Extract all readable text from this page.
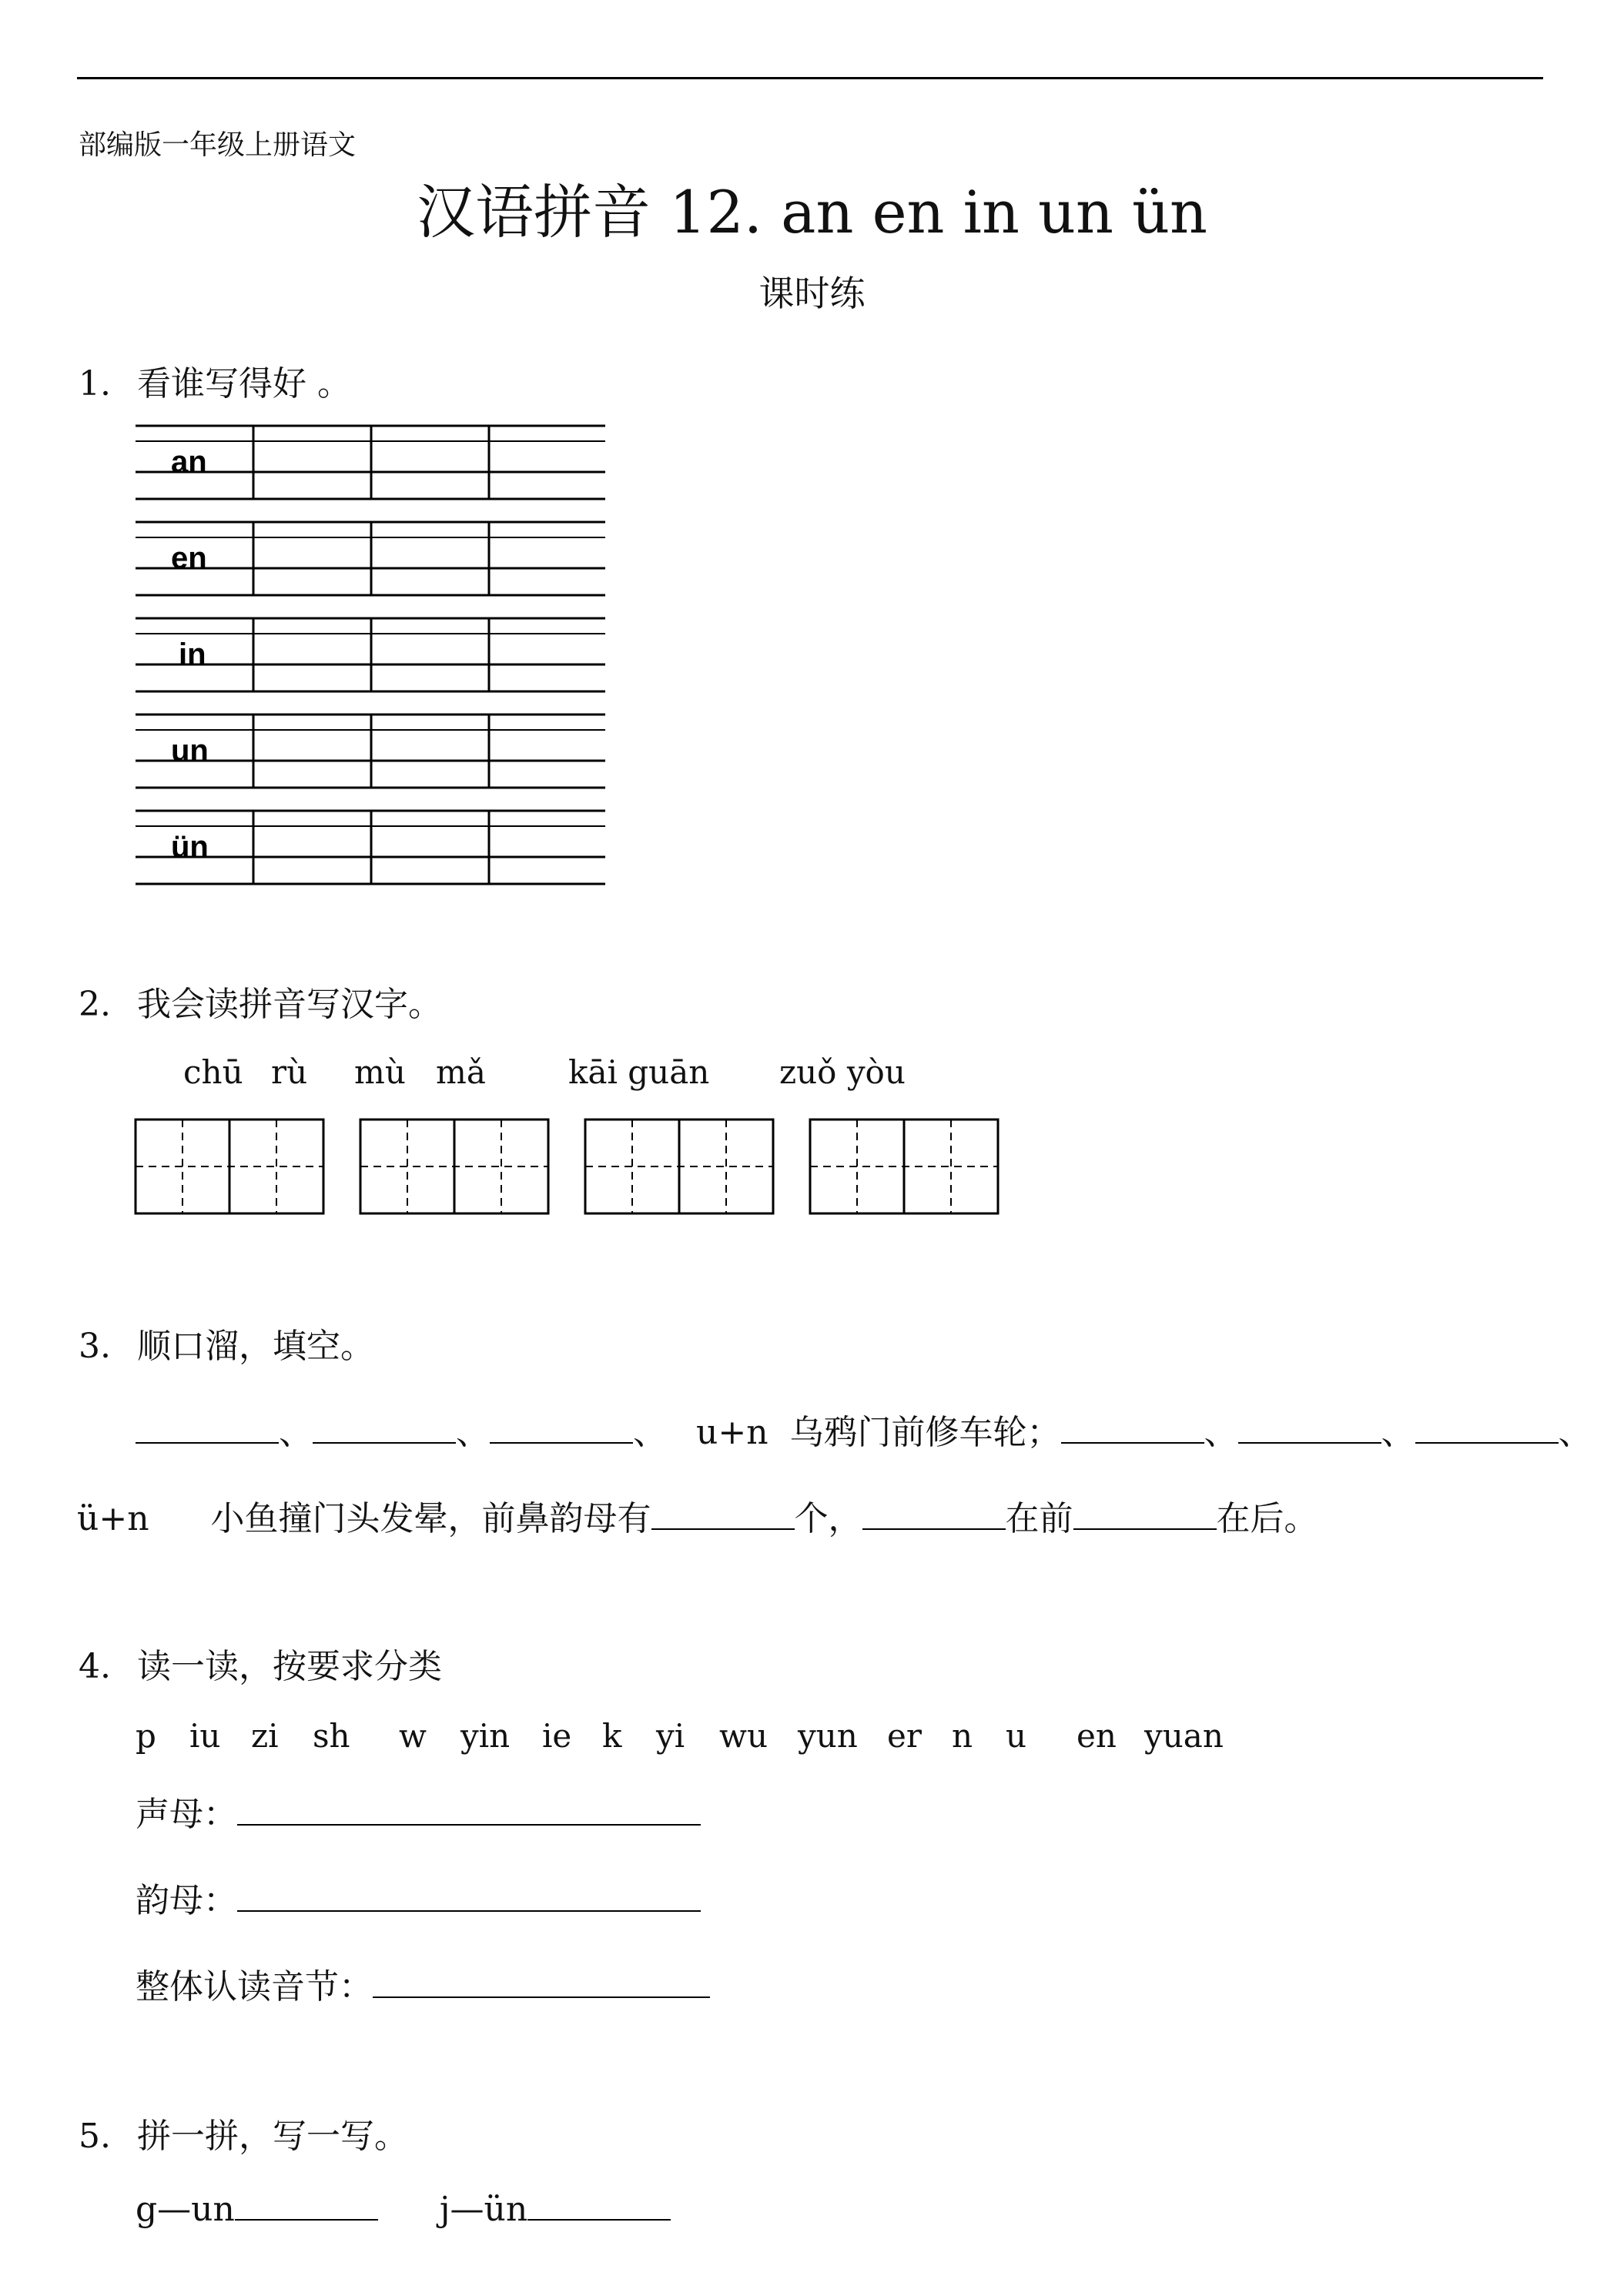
部编版一年级上册语文
汉语拼音 12. an en in un ün
课时练
1. 看谁写得好 。
an
en
in
un
ün
2. 我会读拼音写汉字。
chū rù mù mǎ	kāi guān zuǒ yòu
3. 顺口溜，填空。
、	、	、 u+n  乌鸦门前修车轮；	、	、	、
ü+n 小鱼撞门头发晕，前鼻韵母有	个，	在前	在后。
4. 读一读，按要求分类
p iu zi sh w yin ie k yi wu yun er n u en yuan
声母：
韵母：
整体认读音节：
5. 拼一拼，写一写。
g—un	j—ün
